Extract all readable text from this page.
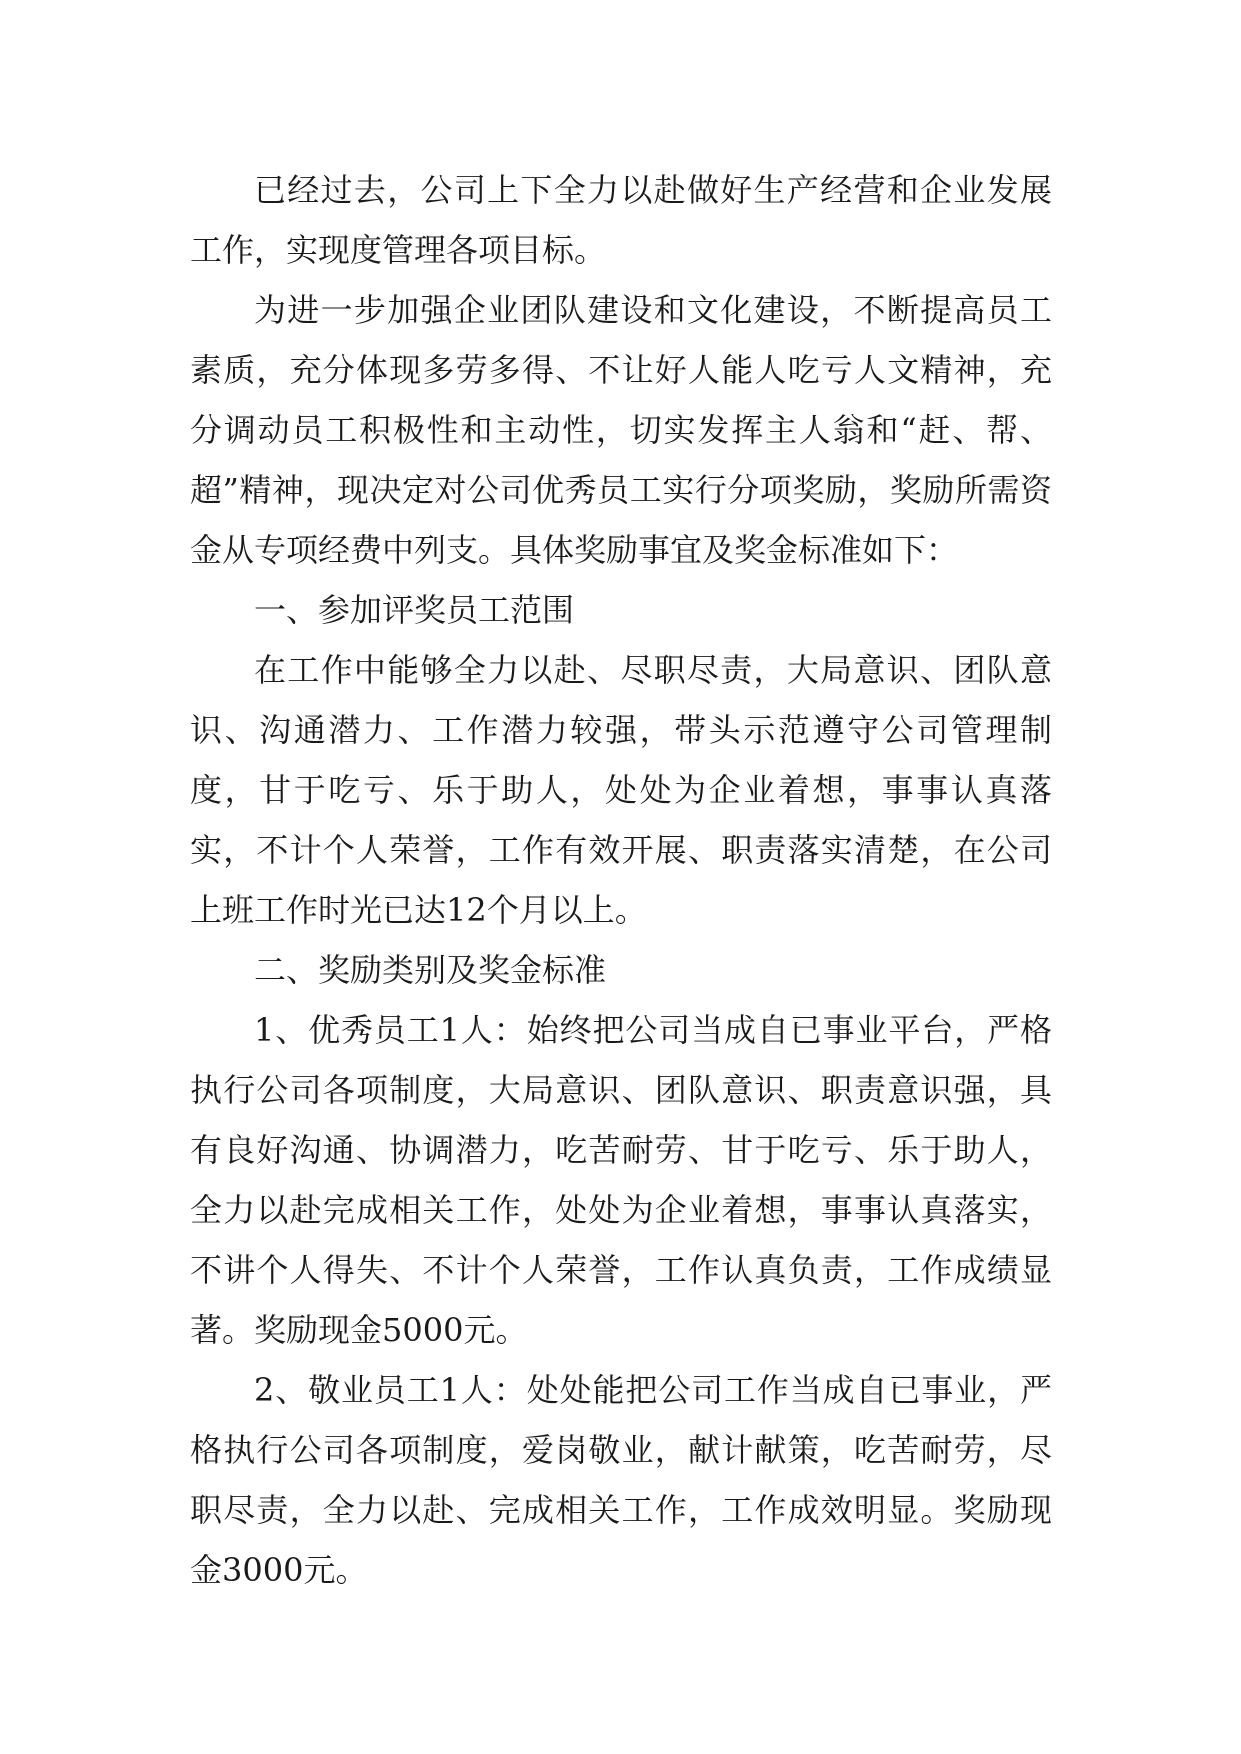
已经过去，公司上下全力以赴做好生产经营和企业发展工作，实现度管理各项目标。

为进一步加强企业团队建设和文化建设，不断提高员工素质，充分体现多劳多得、不让好人能人吃亏人文精神，充分调动员工积极性和主动性，切实发挥主人翁和“赶、帮、超”精神，现决定对公司优秀员工实行分项奖励，奖励所需资金从专项经费中列支。具体奖励事宜及奖金标准如下：

一、参加评奖员工范围

在工作中能够全力以赴、尽职尽责，大局意识、团队意识、沟通潜力、工作潜力较强，带头示范遵守公司管理制度，甘于吃亏、乐于助人，处处为企业着想，事事认真落实，不计个人荣誉，工作有效开展、职责落实清楚，在公司上班工作时光已达12个月以上。

二、奖励类别及奖金标准

1、优秀员工1人：始终把公司当成自已事业平台，严格执行公司各项制度，大局意识、团队意识、职责意识强，具有良好沟通、协调潜力，吃苦耐劳、甘于吃亏、乐于助人，全力以赴完成相关工作，处处为企业着想，事事认真落实，不讲个人得失、不计个人荣誉，工作认真负责，工作成绩显著。奖励现金5000元。

2、敬业员工1人：处处能把公司工作当成自已事业，严格执行公司各项制度，爱岗敬业，献计献策，吃苦耐劳，尽职尽责，全力以赴、完成相关工作，工作成效明显。奖励现金3000元。
